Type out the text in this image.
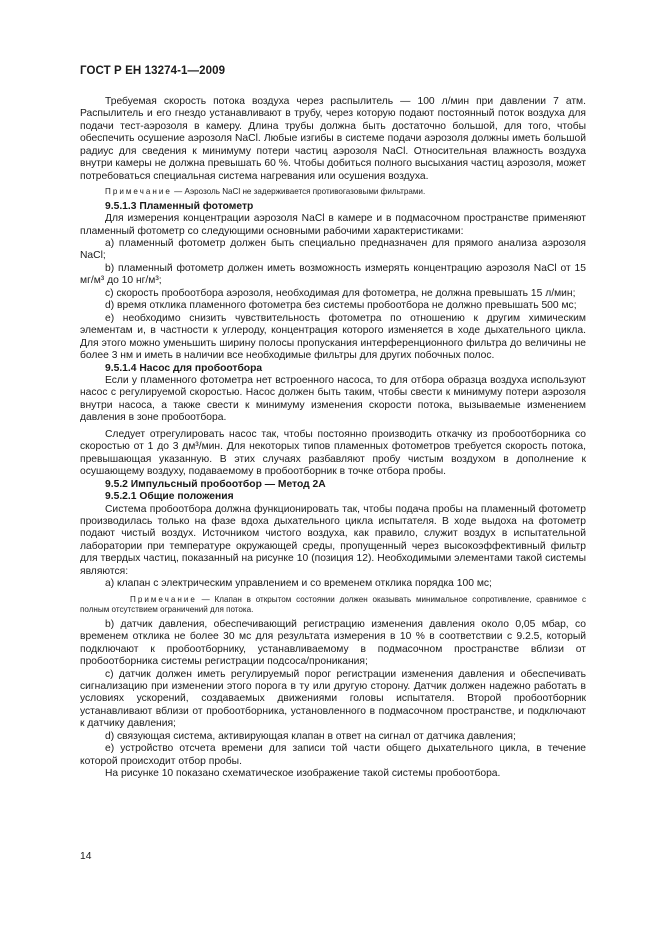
ГОСТ Р ЕН 13274-1—2009

Требуемая скорость потока воздуха через распылитель — 100 л/мин при давлении 7 атм. Распылитель и его гнездо устанавливают в трубу, через которую подают постоянный поток воздуха для подачи тест-аэрозоля в камеру. Длина трубы должна быть достаточно большой, для того, чтобы обеспечить осушение аэрозоля NaCl. Любые изгибы в системе подачи аэрозоля должны иметь большой радиус для сведения к минимуму потери частиц аэрозоля NaCl. Относительная влажность воздуха внутри камеры не должна превышать 60 %. Чтобы добиться полного высыхания частиц аэрозоля, может потребоваться специальная система нагревания или осушения воздуха.

Примечание — Аэрозоль NaCl не задерживается противогазовыми фильтрами.

9.5.1.3 Пламенный фотометр

Для измерения концентрации аэрозоля NaCl в камере и в подмасочном пространстве применяют пламенный фотометр со следующими основными рабочими характеристиками:

a) пламенный фотометр должен быть специально предназначен для прямого анализа аэрозоля NaCl;

b) пламенный фотометр должен иметь возможность измерять концентрацию аэрозоля NaCl от 15 мг/м³ до 10 нг/м³;

c) скорость пробоотбора аэрозоля, необходимая для фотометра, не должна превышать 15 л/мин;

d) время отклика пламенного фотометра без системы пробоотбора не должно превышать 500 мс;

e) необходимо снизить чувствительность фотометра по отношению к другим химическим элементам и, в частности к углероду, концентрация которого изменяется в ходе дыхательного цикла. Для этого можно уменьшить ширину полосы пропускания интерференционного фильтра до величины не более 3 нм и иметь в наличии все необходимые фильтры для других побочных полос.

9.5.1.4 Насос для пробоотбора

Если у пламенного фотометра нет встроенного насоса, то для отбора образца воздуха используют насос с регулируемой скоростью. Насос должен быть таким, чтобы свести к минимуму потери аэрозоля внутри насоса, а также свести к минимуму изменения скорости потока, вызываемые изменением давления в зоне пробоотбора.

Следует отрегулировать насос так, чтобы постоянно производить откачку из пробоотборника со скоростью от 1 до 3 дм³/мин. Для некоторых типов пламенных фотометров требуется скорость потока, превышающая указанную. В этих случаях разбавляют пробу чистым воздухом в дополнение к осушающему воздуху, подаваемому в пробоотборник в точке отбора пробы.

9.5.2 Импульсный пробоотбор — Метод 2А

9.5.2.1 Общие положения

Система пробоотбора должна функционировать так, чтобы подача пробы на пламенный фотометр производилась только на фазе вдоха дыхательного цикла испытателя. В ходе выдоха на фотометр подают чистый воздух. Источником чистого воздуха, как правило, служит воздух в испытательной лаборатории при температуре окружающей среды, пропущенный через высокоэффективный фильтр для твердых частиц, показанный на рисунке 10 (позиция 12). Необходимыми элементами такой системы являются:

a) клапан с электрическим управлением и со временем отклика порядка 100 мс;

Примечание — Клапан в открытом состоянии должен оказывать минимальное сопротивление, сравнимое с полным отсутствием ограничений для потока.

b) датчик давления, обеспечивающий регистрацию изменения давления около 0,05 мбар, со временем отклика не более 30 мс для результата измерения в 10 % в соответствии с 9.2.5, который подключают к пробоотборнику, устанавливаемому в подмасочном пространстве вблизи от пробоотборника системы регистрации подсоса/проникания;

c) датчик должен иметь регулируемый порог регистрации изменения давления и обеспечивать сигнализацию при изменении этого порога в ту или другую сторону. Датчик должен надежно работать в условиях ускорений, создаваемых движениями головы испытателя. Второй пробоотборник устанавливают вблизи от пробоотборника, установленного в подмасочном пространстве, и подключают к датчику давления;

d) связующая система, активирующая клапан в ответ на сигнал от датчика давления;

e) устройство отсчета времени для записи той части общего дыхательного цикла, в течение которой происходит отбор пробы.

На рисунке 10 показано схематическое изображение такой системы пробоотбора.

14
